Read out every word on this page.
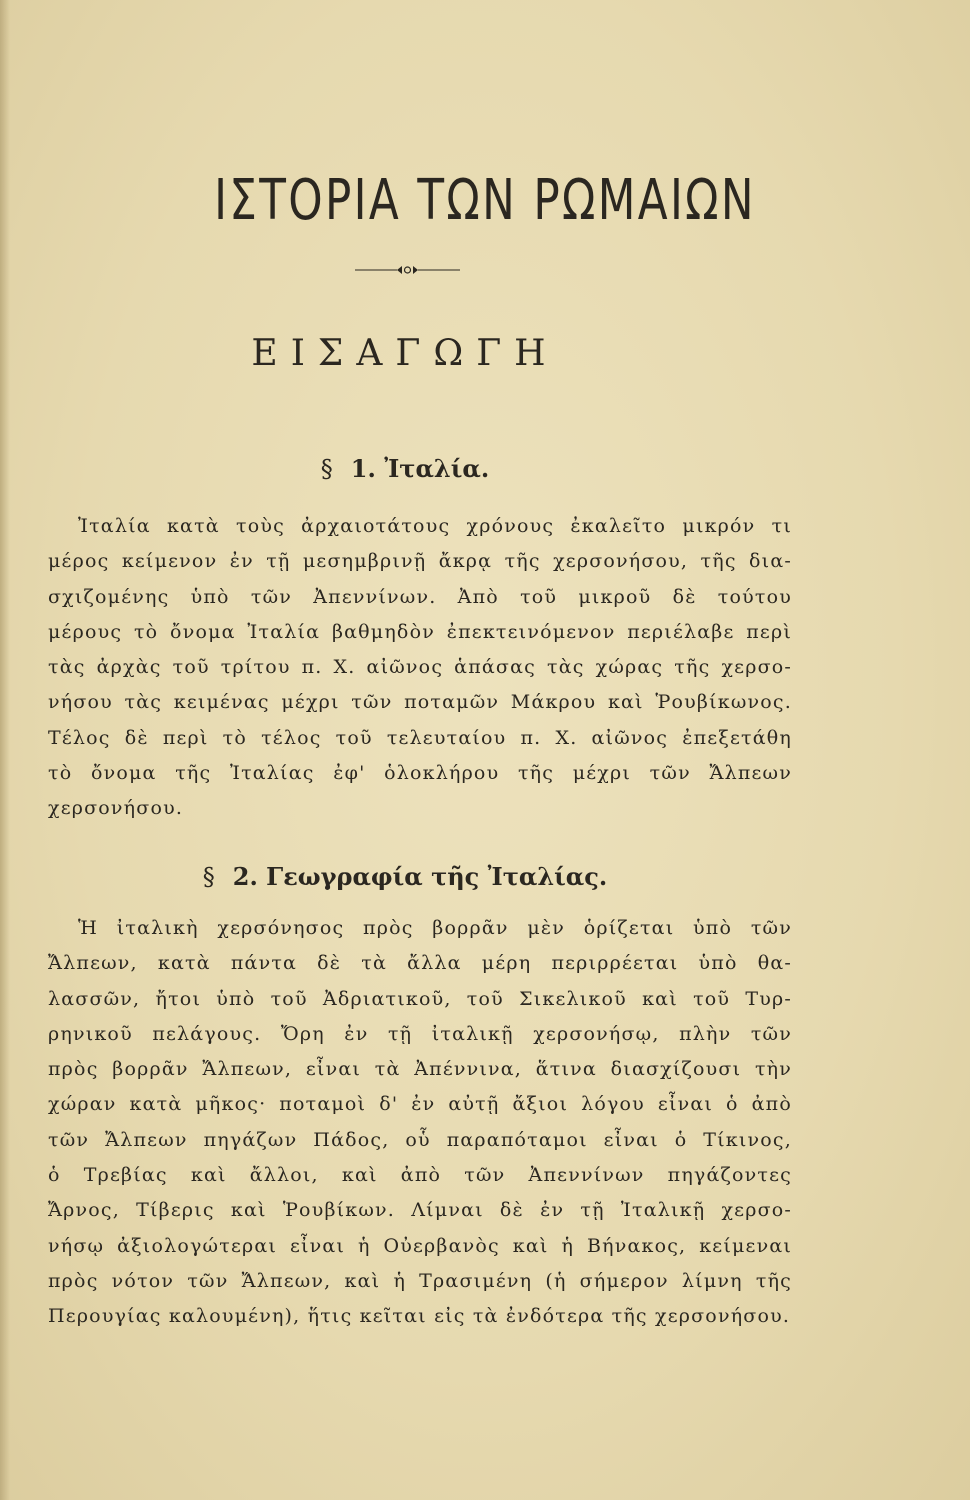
ΙΣΤΟΡΙΑ ΤΩΝ ΡΩΜΑΙΩΝ
ΕΙΣΑΓΩΓΗ
§ 1. Ἰταλία.
Ἰταλία κατὰ τοὺς ἀρχαιοτάτους χρόνους ἐκαλεῖτο μικρόν τι
μέρος κείμενον ἐν τῇ μεσημβρινῇ ἄκρᾳ τῆς χερσονήσου, τῆς δια-
σχιζομένης ὑπὸ τῶν Ἀπεννίνων. Ἀπὸ τοῦ μικροῦ δὲ τούτου
μέρους τὸ ὄνομα Ἰταλία βαθμηδὸν ἐπεκτεινόμενον περιέλαβε περὶ
τὰς ἀρχὰς τοῦ τρίτου π. Χ. αἰῶνος ἁπάσας τὰς χώρας τῆς χερσο-
νήσου τὰς κειμένας μέχρι τῶν ποταμῶν Μάκρου καὶ Ῥουβίκωνος.
Τέλος δὲ περὶ τὸ τέλος τοῦ τελευταίου π. Χ. αἰῶνος ἐπεξετάθη
τὸ ὄνομα τῆς Ἰταλίας ἐφ' ὁλοκλήρου τῆς μέχρι τῶν Ἄλπεων
χερσονήσου.
§ 2. Γεωγραφία τῆς Ἰταλίας.
Ἡ ἰταλικὴ χερσόνησος πρὸς βορρᾶν μὲν ὁρίζεται ὑπὸ τῶν
Ἄλπεων, κατὰ πάντα δὲ τὰ ἄλλα μέρη περιρρέεται ὑπὸ θα-
λασσῶν, ἤτοι ὑπὸ τοῦ Ἀδριατικοῦ, τοῦ Σικελικοῦ καὶ τοῦ Τυρ-
ρηνικοῦ πελάγους. Ὄρη ἐν τῇ ἰταλικῇ χερσονήσῳ, πλὴν τῶν
πρὸς βορρᾶν Ἄλπεων, εἶναι τὰ Ἀπέννινα, ἅτινα διασχίζουσι τὴν
χώραν κατὰ μῆκος· ποταμοὶ δ' ἐν αὐτῇ ἄξιοι λόγου εἶναι ὁ ἀπὸ
τῶν Ἄλπεων πηγάζων Πάδος, οὗ παραπόταμοι εἶναι ὁ Τίκινος,
ὁ Τρεβίας καὶ ἄλλοι, καὶ ἀπὸ τῶν Ἀπεννίνων πηγάζοντες
Ἄρνος, Τίβερις καὶ Ῥουβίκων. Λίμναι δὲ ἐν τῇ Ἰταλικῇ χερσο-
νήσῳ ἀξιολογώτεραι εἶναι ἡ Οὐερβανὸς καὶ ἡ Βήνακος, κείμεναι
πρὸς νότον τῶν Ἄλπεων, καὶ ἡ Τρασιμένη (ἡ σήμερον λίμνη τῆς
Περουγίας καλουμένη), ἥτις κεῖται εἰς τὰ ἐνδότερα τῆς χερσονήσου.
